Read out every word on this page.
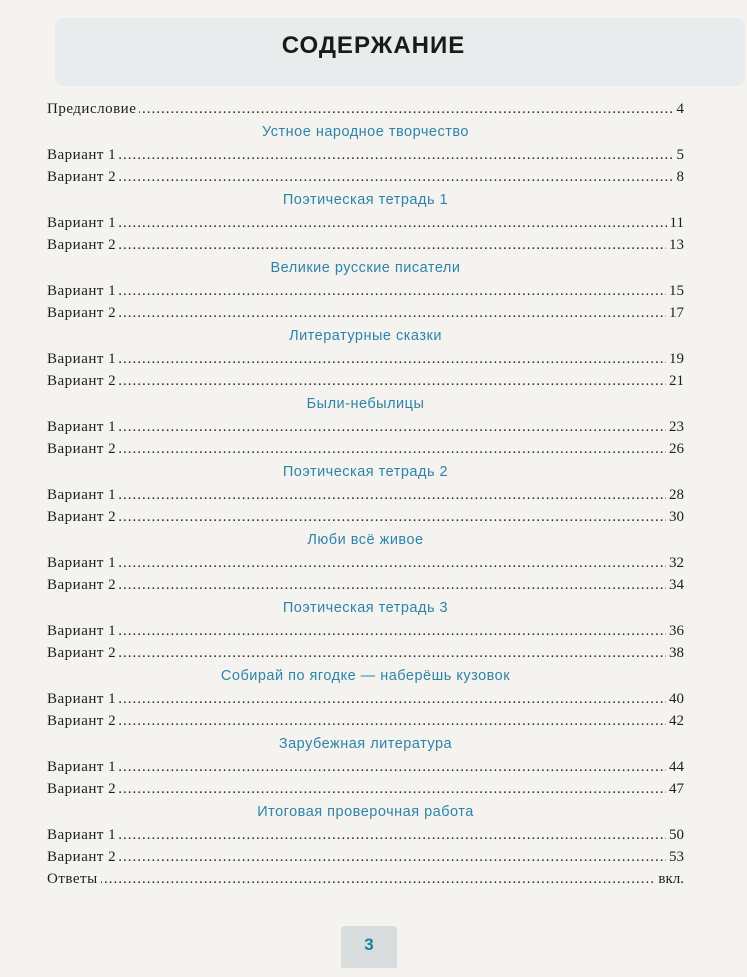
СОДЕРЖАНИЕ
.....
Предисловие	4
Устное народное творчество
.....
Вариант 1	5
.....
Вариант 2	8
Поэтическая тетрадь 1
.....
Вариант 1	11
.....
Вариант 2	13
Великие русские писатели
.....
Вариант 1	15
.....
Вариант 2	17
Литературные сказки
.....
Вариант 1	19
.....
Вариант 2	21
Были-небылицы
.....
Вариант 1	23
.....
Вариант 2	26
Поэтическая тетрадь 2
.....
Вариант 1	28
.....
Вариант 2	30
Люби всё живое
.....
Вариант 1	32
.....
Вариант 2	34
Поэтическая тетрадь 3
.....
Вариант 1	36
.....
Вариант 2	38
Собирай по ягодке — наберёшь кузовок
.....
Вариант 1	40
.....
Вариант 2	42
Зарубежная литература
.....
Вариант 1	44
.....
Вариант 2	47
Итоговая проверочная работа
.....
Вариант 1	50
.....
Вариант 2	53
.....
Ответы	вкл.
3
